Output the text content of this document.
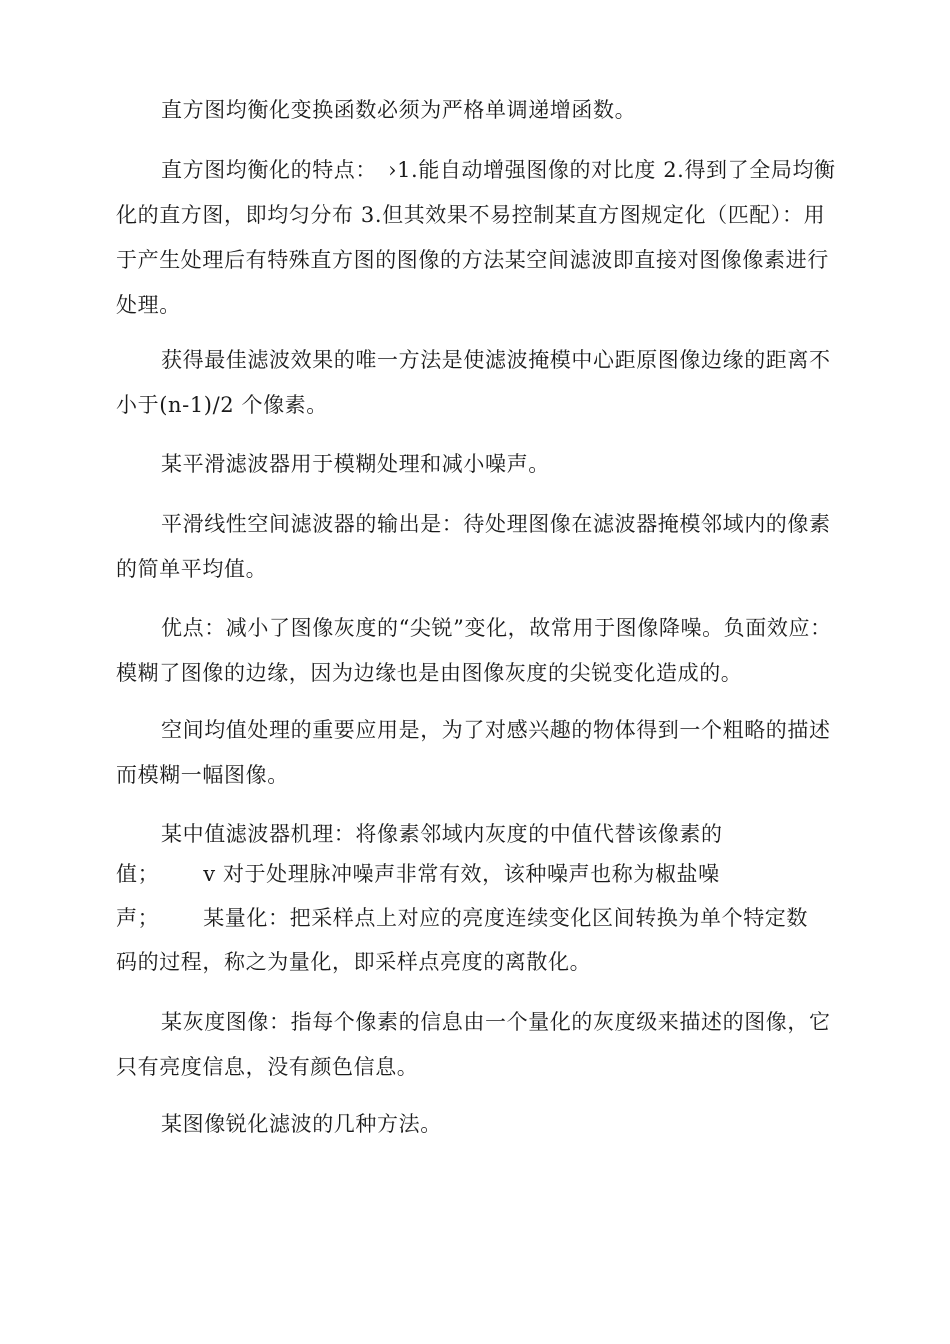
直方图均衡化变换函数必须为严格单调递增函数。

直方图均衡化的特点：　›1.能自动增强图像的对比度 2.得到了全局均衡化的直方图，即均匀分布 3.但其效果不易控制某直方图规定化（匹配）：用于产生处理后有特殊直方图的图像的方法某空间滤波即直接对图像像素进行处理。

获得最佳滤波效果的唯一方法是使滤波掩模中心距原图像边缘的距离不小于(n-1)/2 个像素。

某平滑滤波器用于模糊处理和减小噪声。

平滑线性空间滤波器的输出是：待处理图像在滤波器掩模邻域内的像素的简单平均值。

优点：减小了图像灰度的“尖锐”变化，故常用于图像降噪。负面效应：模糊了图像的边缘，因为边缘也是由图像灰度的尖锐变化造成的。

空间均值处理的重要应用是，为了对感兴趣的物体得到一个粗略的描述而模糊一幅图像。

某中值滤波器机理：将像素邻域内灰度的中值代替该像素的
值； v 对于处理脉冲噪声非常有效，该种噪声也称为椒盐噪
声； 某量化：把采样点上对应的亮度连续变化区间转换为单个特定数
码的过程，称之为量化，即采样点亮度的离散化。

某灰度图像：指每个像素的信息由一个量化的灰度级来描述的图像，它只有亮度信息，没有颜色信息。

某图像锐化滤波的几种方法。
